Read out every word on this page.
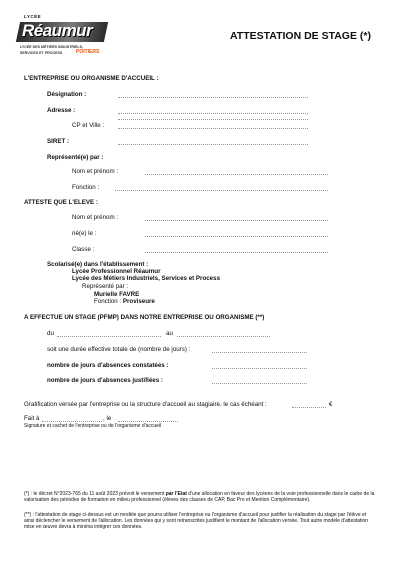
LYCÉE
Réaumur
LYCÉE DES MÉTIERS INDUSTRIELS,
SERVICES ET PROCESS	POITIERS
ATTESTATION DE STAGE (*)
L'ENTREPRISE OU ORGANISME D'ACCUEIL :
Désignation :
Adresse :
CP et Ville :
SIRET :
Représenté(e) par :
Nom et prénom :
Fonction :
ATTESTE QUE L'ELEVE :
Nom et prénom :
né(e) le :
Classe :
Scolarisé(e) dans l'établissement :
Lycée Professionnel Réaumur
Lycée des Métiers Industriels, Services et Process
Représenté par :
Murielle FAVRE
Fonction : Proviseure
A EFFECTUE UN STAGE (PFMP) DANS NOTRE ENTREPRISE OU ORGANISME (**)
du	au
soit une durée effective totale de (nombre de jours) :
nombre de jours d'absences constatées :
nombre de jours d'absences justifiées :
Gratification versée par l'entreprise ou la structure d'accueil au stagiaire, le cas échéant :	€
Fait à	, le
Signature et cachet de l'entreprise ou de l'organisme d'accueil
(*) : le décret N°2023-765 du 11 août 2023 prévoit le versement par l'Etat d'une allocation en faveur des lycéens de la voie professionnelle dans le cadre de la valorisation des périodes de formation en milieu professionnel (élèves des classes de CAP, Bac Pro et Mention Complémentaire).
(**) : l'attestation de stage ci-dessus est un modèle que pourra utiliser l'entreprise ou l'organisme d'accueil pour justifier la réalisation du stage par l'élève et ainsi déclencher le versement de l'allocation. Les données qui y sont retranscrites justifient le montant de l'allocation versée. Tout autre modèle d'attestation mise en œuvre devra à minima intégrer ces données.
